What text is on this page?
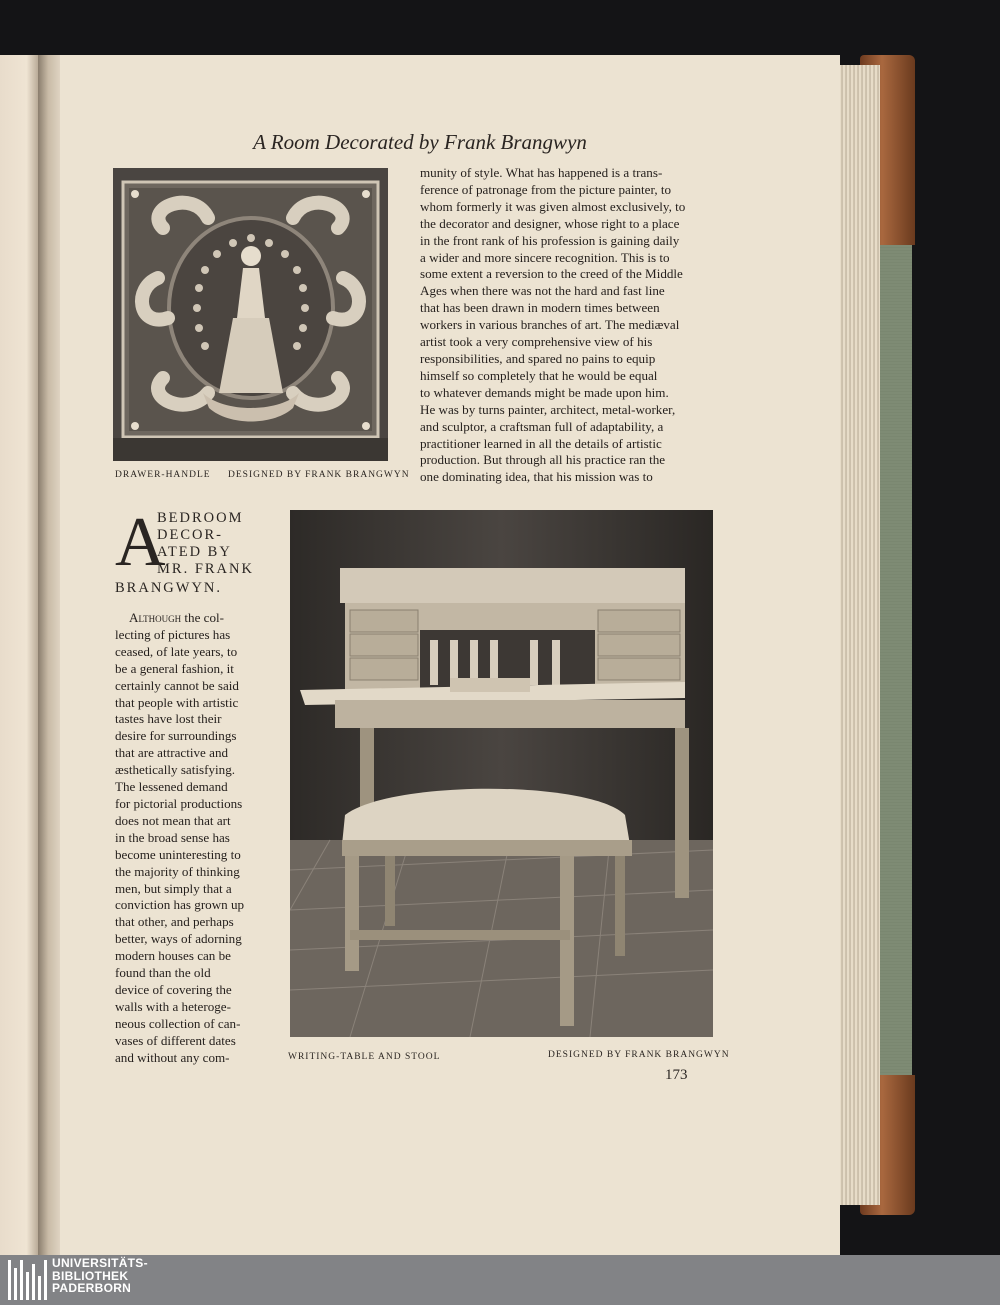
A Room Decorated by Frank Brangwyn
DRAWER-HANDLE DESIGNED BY FRANK BRANGWYN

munity of style. What has happened is a trans-

ference of patronage from the picture painter, to

whom formerly it was given almost exclusively, to

the decorator and designer, whose right to a place

in the front rank of his profession is gaining daily

a wider and more sincere recognition. This is to

some extent a reversion to the creed of the Middle

Ages when there was not the hard and fast line

that has been drawn in modern times between

workers in various branches of art. The mediæval

artist took a very comprehensive view of his

responsibilities, and spared no pains to equip

himself so completely that he would be equal

to whatever demands might be made upon him.

He was by turns painter, architect, metal-worker,

and sculptor, a craftsman full of adaptability, a

practitioner learned in all the details of artistic

production. But through all his practice ran the

one dominating idea, that his mission was to

A
BEDROOM
DECOR-
ATED BY
MR. FRANK
BRANGWYN.

Although the col-

lecting of pictures has

ceased, of late years, to

be a general fashion, it

certainly cannot be said

that people with artistic

tastes have lost their

desire for surroundings

that are attractive and

æsthetically satisfying.

The lessened demand

for pictorial productions

does not mean that art

in the broad sense has

become uninteresting to

the majority of thinking

men, but simply that a

conviction has grown up

that other, and perhaps

better, ways of adorning

modern houses can be

found than the old

device of covering the

walls with a heteroge-

neous collection of can-

vases of different dates

and without any com-	WRITING-TABLE AND STOOL	DESIGNED BY FRANK BRANGWYN
173
UNIVERSITÄTS-
BIBLIOTHEK
PADERBORN
